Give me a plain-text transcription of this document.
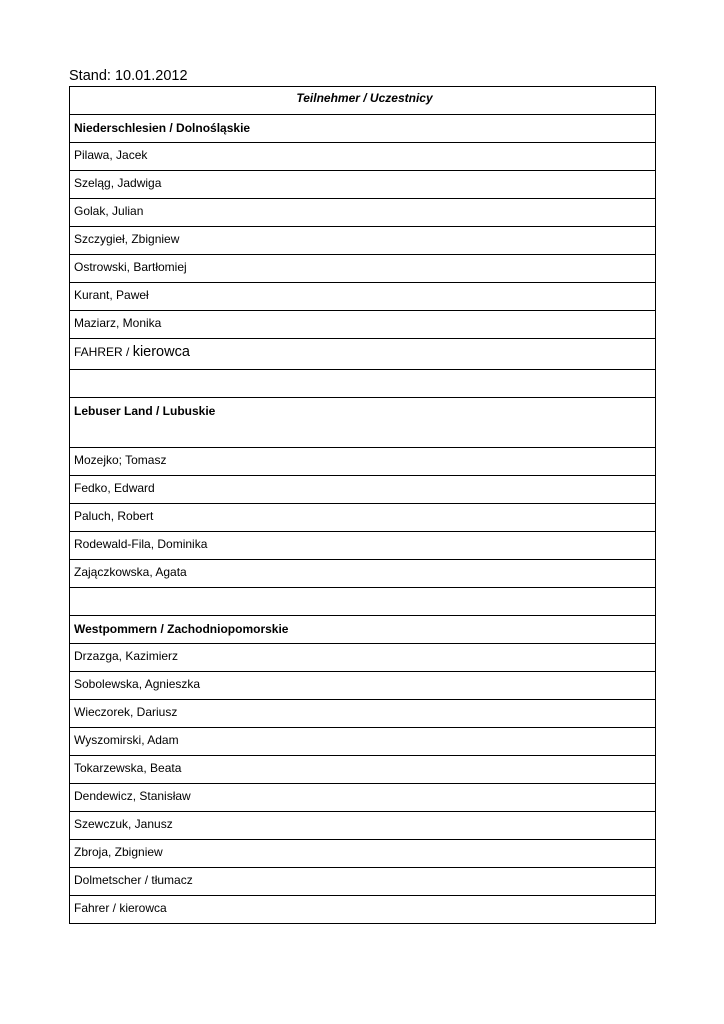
Stand: 10.01.2012
Teilnehmer / Uczestnicy
Niederschlesien / Dolnośląskie
Pilawa, Jacek
Szeląg, Jadwiga
Golak, Julian
Szczygieł, Zbigniew
Ostrowski, Bartłomiej
Kurant, Paweł
Maziarz, Monika
FAHRER / kierowca

Lebuser Land / Lubuskie
Mozejko; Tomasz
Fedko, Edward
Paluch, Robert
Rodewald-Fila, Dominika
Zajączkowska, Agata

Westpommern / Zachodniopomorskie
Drzazga, Kazimierz
Sobolewska, Agnieszka
Wieczorek, Dariusz
Wyszomirski, Adam
Tokarzewska, Beata
Dendewicz, Stanisław
Szewczuk, Janusz
Zbroja, Zbigniew
Dolmetscher / tłumacz
Fahrer / kierowca
